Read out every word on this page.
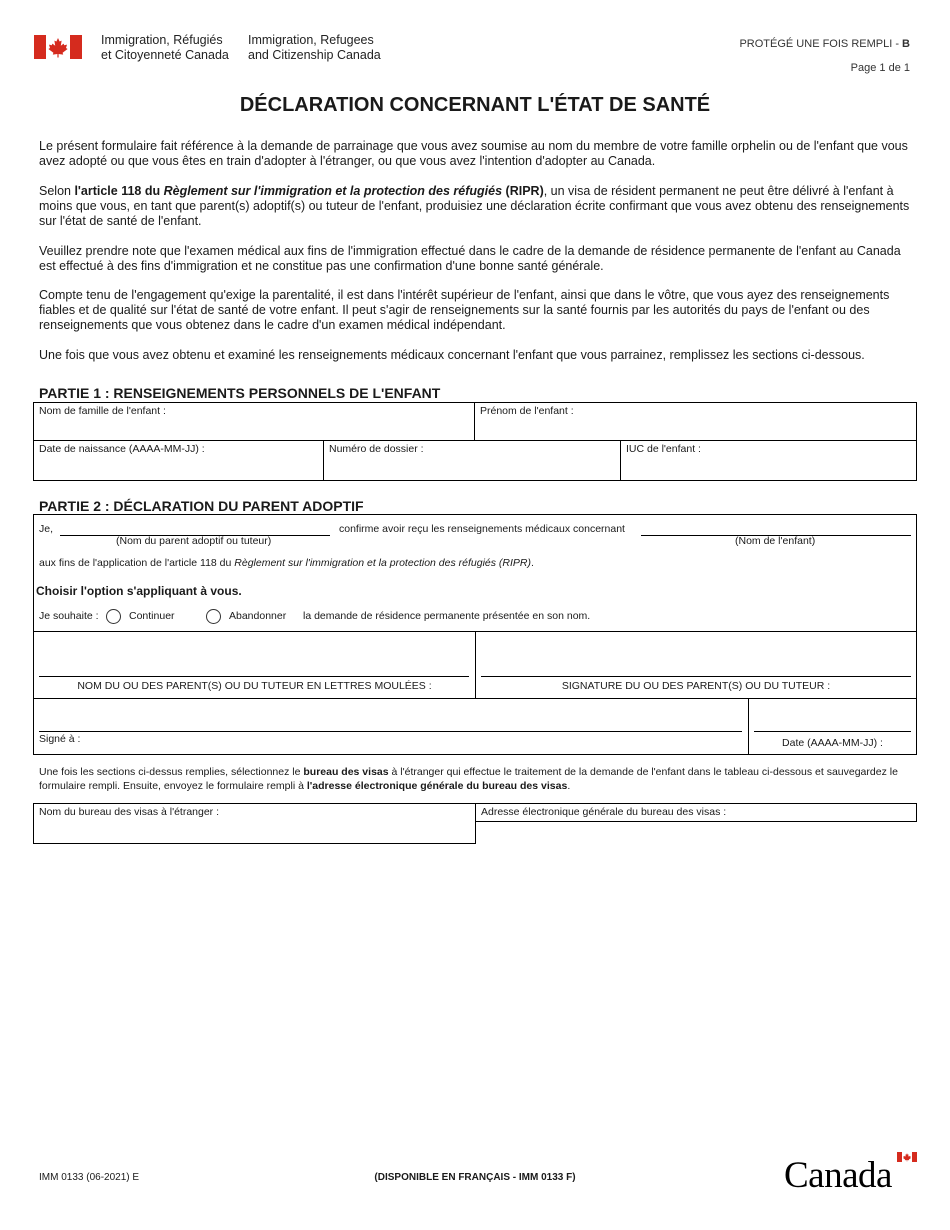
Immigration, Réfugiés
et Citoyenneté Canada
Immigration, Refugees
and Citizenship Canada
PROTÉGÉ UNE FOIS REMPLI - B
Page 1 de 1
DÉCLARATION CONCERNANT L'ÉTAT DE SANTÉ
Le présent formulaire fait référence à la demande de parrainage que vous avez soumise au nom du membre de votre famille orphelin ou de l'enfant que vous avez adopté ou que vous êtes en train d'adopter à l'étranger, ou que vous avez l'intention d'adopter au Canada.
Selon l'article 118 du Règlement sur l'immigration et la protection des réfugiés (RIPR), un visa de résident permanent ne peut être délivré à l'enfant à moins que vous, en tant que parent(s) adoptif(s) ou tuteur de l'enfant, produisiez une déclaration écrite confirmant que vous avez obtenu des renseignements sur l'état de santé de l'enfant.
Veuillez prendre note que l'examen médical aux fins de l'immigration effectué dans le cadre de la demande de résidence permanente de l'enfant au Canada est effectué à des fins d'immigration et ne constitue pas une confirmation d'une bonne santé générale.
Compte tenu de l'engagement qu'exige la parentalité, il est dans l'intérêt supérieur de l'enfant, ainsi que dans le vôtre, que vous ayez des renseignements fiables et de qualité sur l'état de santé de votre enfant. Il peut s'agir de renseignements sur la santé fournis par les autorités du pays de l'enfant ou des renseignements que vous obtenez dans le cadre d'un examen médical indépendant.
Une fois que vous avez obtenu et examiné les renseignements médicaux concernant l'enfant que vous parrainez, remplissez les sections ci-dessous.
PARTIE 1 : RENSEIGNEMENTS PERSONNELS DE L'ENFANT
Nom de famille de l'enfant :	Prénom de l'enfant :
Date de naissance (AAAA-MM-JJ) :	Numéro de dossier :	IUC de l'enfant :
PARTIE 2 : DÉCLARATION DU PARENT ADOPTIF
Je,
(Nom du parent adoptif ou tuteur)
confirme avoir reçu les renseignements médicaux concernant
(Nom de l'enfant)
aux fins de l'application de l'article 118 du Règlement sur l'immigration et la protection des réfugiés (RIPR).
Choisir l'option s'appliquant à vous.
Je souhaite :	Continuer	Abandonner la demande de résidence permanente présentée en son nom.
NOM DU OU DES PARENT(S) OU DU TUTEUR EN LETTRES MOULÉES :	SIGNATURE DU OU DES PARENT(S) OU DU TUTEUR :
Signé à :	Date (AAAA-MM-JJ) :
Une fois les sections ci-dessus remplies, sélectionnez le bureau des visas à l'étranger qui effectue le traitement de la demande de l'enfant dans le tableau ci-dessous et sauvegardez le formulaire rempli. Ensuite, envoyez le formulaire rempli à l'adresse électronique générale du bureau des visas.
Nom du bureau des visas à l'étranger :	Adresse électronique générale du bureau des visas :
IMM 0133 (06-2021) E	(DISPONIBLE EN FRANÇAIS - IMM 0133 F)	Canada
